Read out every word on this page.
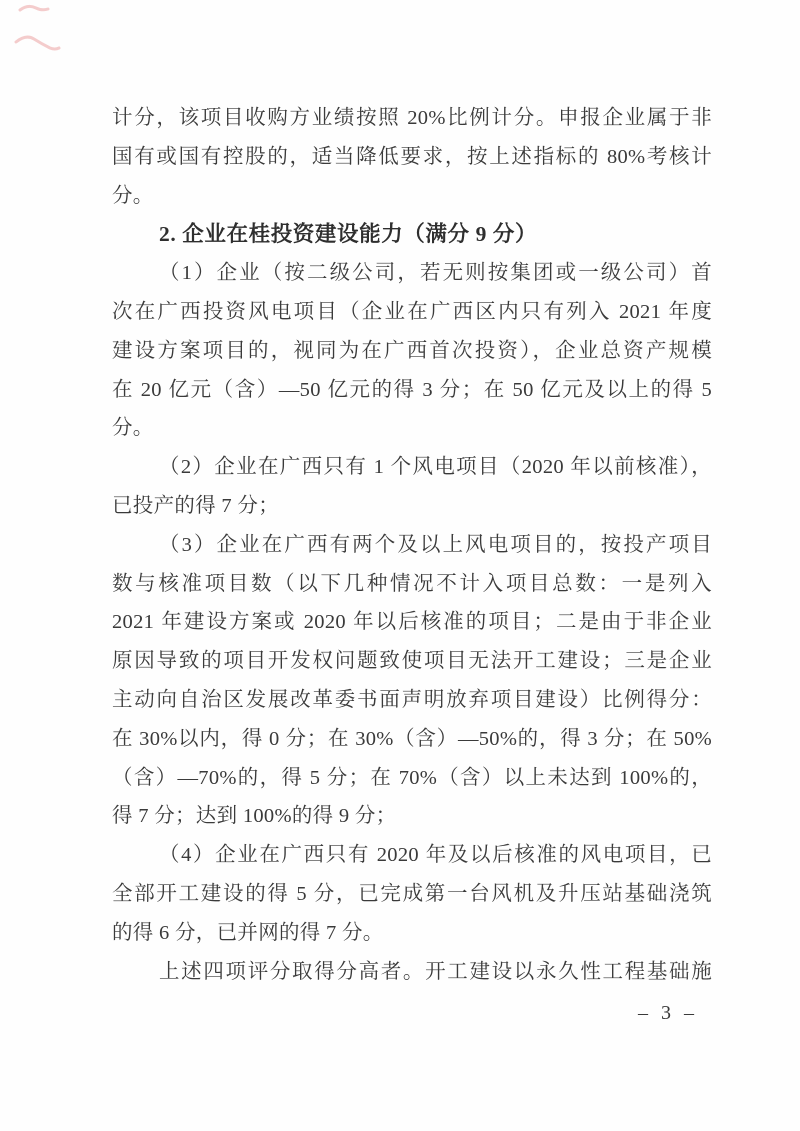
计分，该项目收购方业绩按照 20%比例计分。申报企业属于非
国有或国有控股的，适当降低要求，按上述指标的 80%考核计
分。
2. 企业在桂投资建设能力（满分 9 分）
（1）企业（按二级公司，若无则按集团或一级公司）首
次在广西投资风电项目（企业在广西区内只有列入 2021 年度
建设方案项目的，视同为在广西首次投资），企业总资产规模
在 20 亿元（含）—50 亿元的得 3 分；在 50 亿元及以上的得 5
分。
（2）企业在广西只有 1 个风电项目（2020 年以前核准），
已投产的得 7 分；
（3）企业在广西有两个及以上风电项目的，按投产项目
数与核准项目数（以下几种情况不计入项目总数：一是列入
2021 年建设方案或 2020 年以后核准的项目；二是由于非企业
原因导致的项目开发权问题致使项目无法开工建设；三是企业
主动向自治区发展改革委书面声明放弃项目建设）比例得分：
在 30%以内，得 0 分；在 30%（含）—50%的，得 3 分；在 50%
（含）—70%的，得 5 分；在 70%（含）以上未达到 100%的，
得 7 分；达到 100%的得 9 分；
（4）企业在广西只有 2020 年及以后核准的风电项目，已
全部开工建设的得 5 分，已完成第一台风机及升压站基础浇筑
的得 6 分，已并网的得 7 分。
上述四项评分取得分高者。开工建设以永久性工程基础施
– 3 –
